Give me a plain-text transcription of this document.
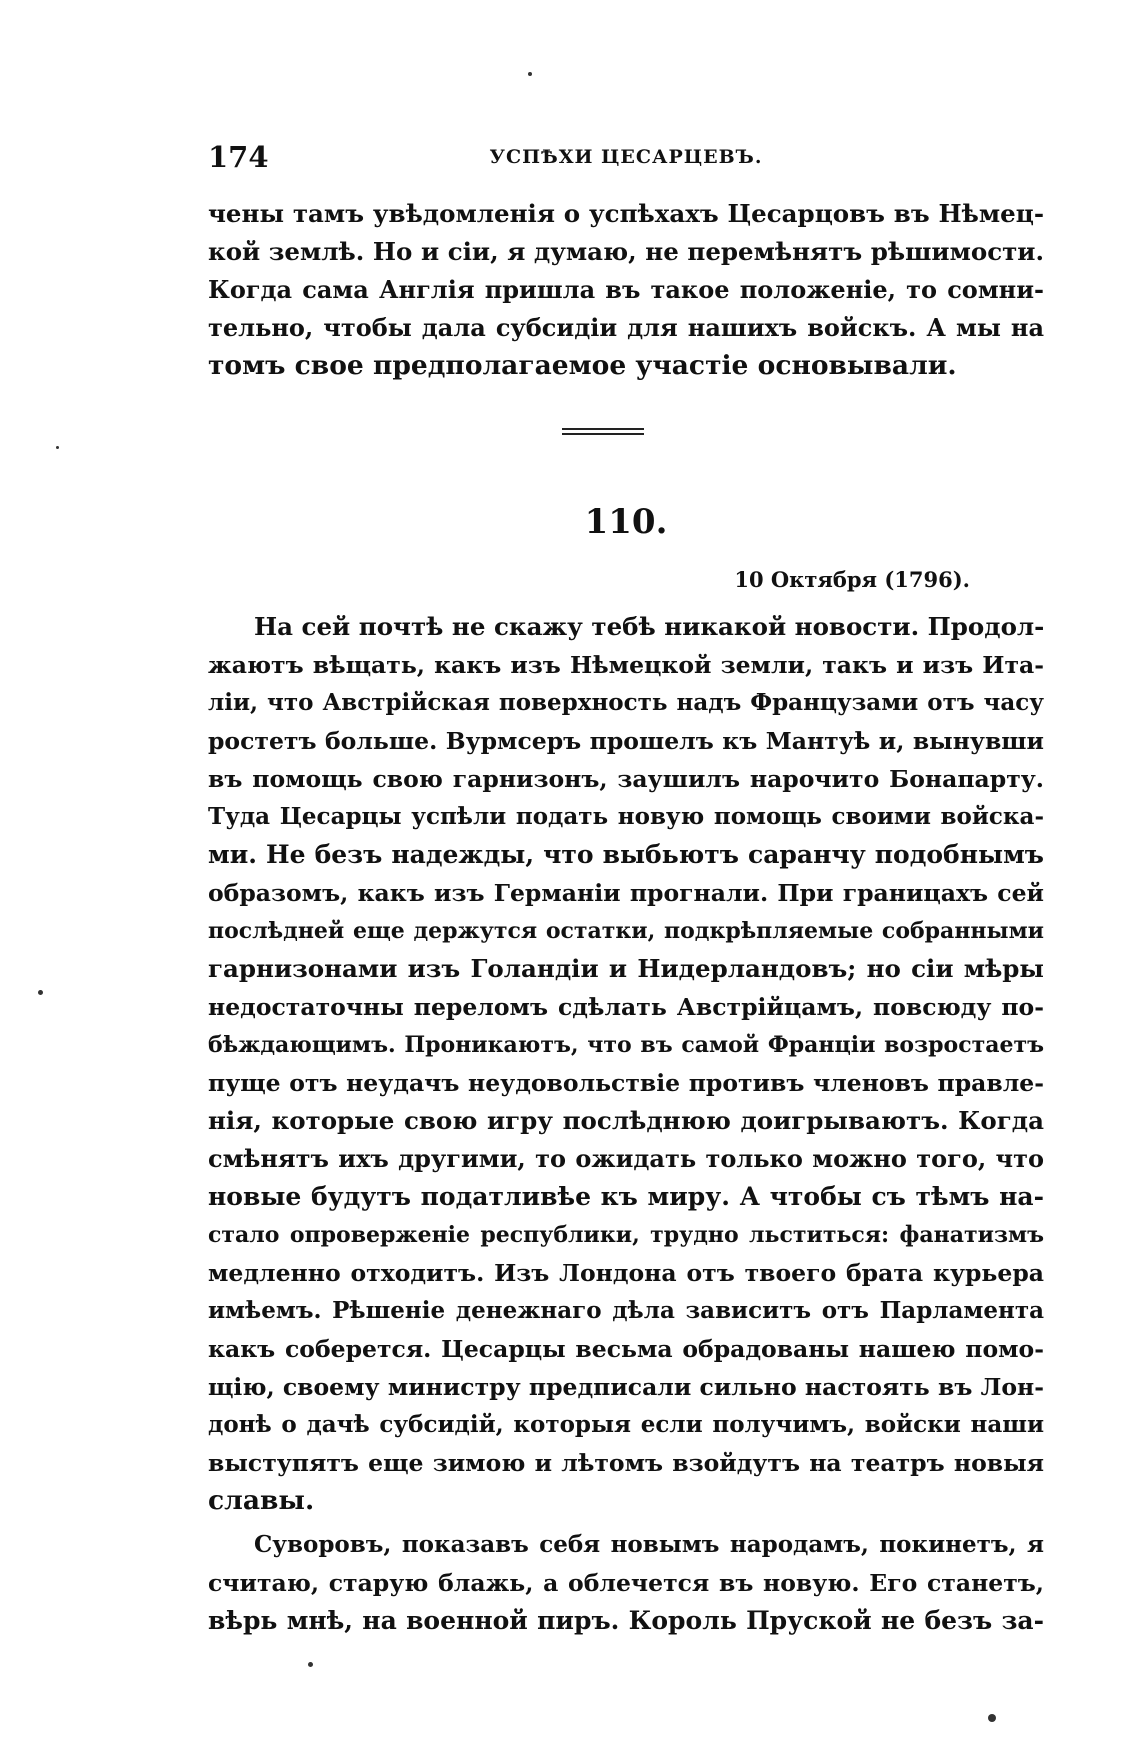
174	УСПѢХИ ЦЕСАРЦЕВЪ.
чены тамъ увѣдомленія о успѣхахъ Цесарцовъ въ Нѣмец-
кой землѣ. Но и сіи, я думаю, не перемѣнятъ рѣшимости.
Когда сама Англія пришла въ такое положеніе, то сомни-
тельно, чтобы дала субсидіи для нашихъ войскъ. А мы на
томъ свое предполагаемое участіе основывали.
110.
10 Октября (1796).
На сей почтѣ не скажу тебѣ никакой новости. Продол-
жаютъ вѣщать, какъ изъ Нѣмецкой земли, такъ и изъ Ита-
ліи, что Австрійская поверхность надъ Французами отъ часу
ростетъ больше. Вурмсеръ прошелъ къ Мантуѣ и, вынувши
въ помощь свою гарнизонъ, заушилъ нарочито Бонапарту.
Туда Цесарцы успѣли подать новую помощь своими войска-
ми. Не безъ надежды, что выбьютъ саранчу подобнымъ
образомъ, какъ изъ Германіи прогнали. При границахъ сей
послѣдней еще держутся остатки, подкрѣпляемые собранными
гарнизонами изъ Голандіи и Нидерландовъ; но сіи мѣры
недостаточны переломъ сдѣлать Австрійцамъ, повсюду по-
бѣждающимъ. Проникаютъ, что въ самой Франціи возростаетъ
пуще отъ неудачъ неудовольствіе противъ членовъ правле-
нія, которые свою игру послѣднюю доигрываютъ. Когда
смѣнятъ ихъ другими, то ожидать только можно того, что
новые будутъ податливѣе къ миру. А чтобы съ тѣмъ на-
стало опроверженіе республики, трудно льститься: фанатизмъ
медленно отходитъ. Изъ Лондона отъ твоего брата курьера
имѣемъ. Рѣшеніе денежнаго дѣла зависитъ отъ Парламента
какъ соберется. Цесарцы весьма обрадованы нашею помо-
щію, своему министру предписали сильно настоять въ Лон-
донѣ о дачѣ субсидій, которыя если получимъ, войски наши
выступятъ еще зимою и лѣтомъ взойдутъ на театръ новыя
славы.
Суворовъ, показавъ себя новымъ народамъ, покинетъ, я
считаю, старую блажь, а облечется въ новую. Его станетъ,
вѣрь мнѣ, на военной пиръ. Король Пруской не безъ за-
